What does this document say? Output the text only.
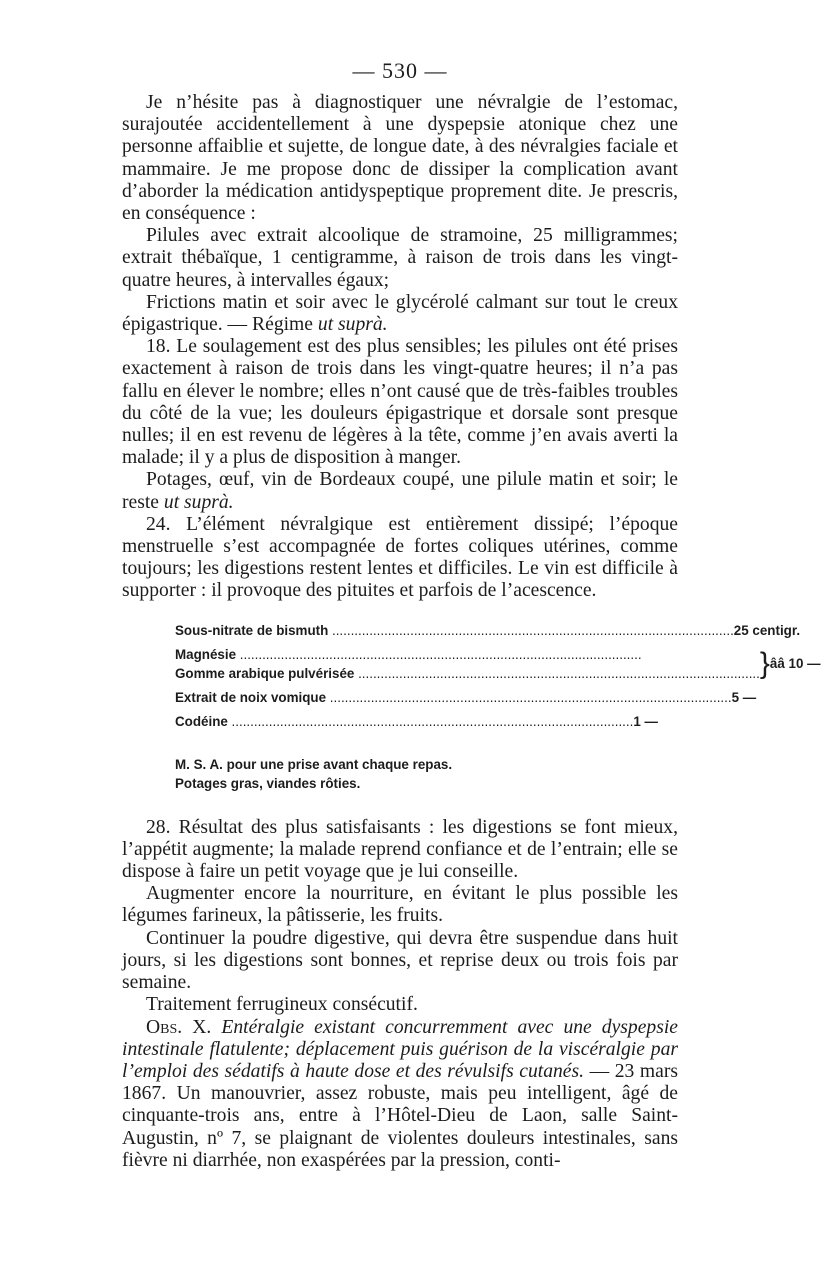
— 530 —

Je n’hésite pas à diagnostiquer une névralgie de l’estomac, surajoutée accidentellement à une dyspepsie atonique chez une personne affaiblie et sujette, de longue date, à des névralgies faciale et mammaire. Je me propose donc de dissiper la complication avant d’aborder la médication antidyspeptique proprement dite. Je prescris, en conséquence :

Pilules avec extrait alcoolique de stramoine, 25 milligrammes; extrait thébaïque, 1 centigramme, à raison de trois dans les vingt-quatre heures, à intervalles égaux;

Frictions matin et soir avec le glycérolé calmant sur tout le creux épigastrique. — Régime ut suprà.

18. Le soulagement est des plus sensibles; les pilules ont été prises exactement à raison de trois dans les vingt-quatre heures; il n’a pas fallu en élever le nombre; elles n’ont causé que de très-faibles troubles du côté de la vue; les douleurs épigastrique et dorsale sont presque nulles; il en est revenu de légères à la tête, comme j’en avais averti la malade; il y a plus de disposition à manger.

Potages, œuf, vin de Bordeaux coupé, une pilule matin et soir; le reste ut suprà.

24. L’élément névralgique est entièrement dissipé; l’époque menstruelle s’est accompagnée de fortes coliques utérines, comme toujours; les digestions restent lentes et difficiles. Le vin est difficile à supporter : il provoque des pituites et parfois de l’acescence.

Sous-nitrate de bismuth .....	25 centigr.
Magnésie .....
Gomme arabique pulvérisée .....	} ââ 10 —
Extrait de noix vomique .....	5 —
Codéine .....	1 —
M. S. A. pour une prise avant chaque repas.
Potages gras, viandes rôties.

28. Résultat des plus satisfaisants : les digestions se font mieux, l’appétit augmente; la malade reprend confiance et de l’entrain; elle se dispose à faire un petit voyage que je lui conseille.

Augmenter encore la nourriture, en évitant le plus possible les légumes farineux, la pâtisserie, les fruits.

Continuer la poudre digestive, qui devra être suspendue dans huit jours, si les digestions sont bonnes, et reprise deux ou trois fois par semaine.

Traitement ferrugineux consécutif.

Obs. X. Entéralgie existant concurremment avec une dyspepsie intestinale flatulente; déplacement puis guérison de la viscéralgie par l’emploi des sédatifs à haute dose et des révulsifs cutanés. — 23 mars 1867. Un manouvrier, assez robuste, mais peu intelligent, âgé de cinquante-trois ans, entre à l’Hôtel-Dieu de Laon, salle Saint-Augustin, nº 7, se plaignant de violentes douleurs intestinales, sans fièvre ni diarrhée, non exaspérées par la pression, conti-
